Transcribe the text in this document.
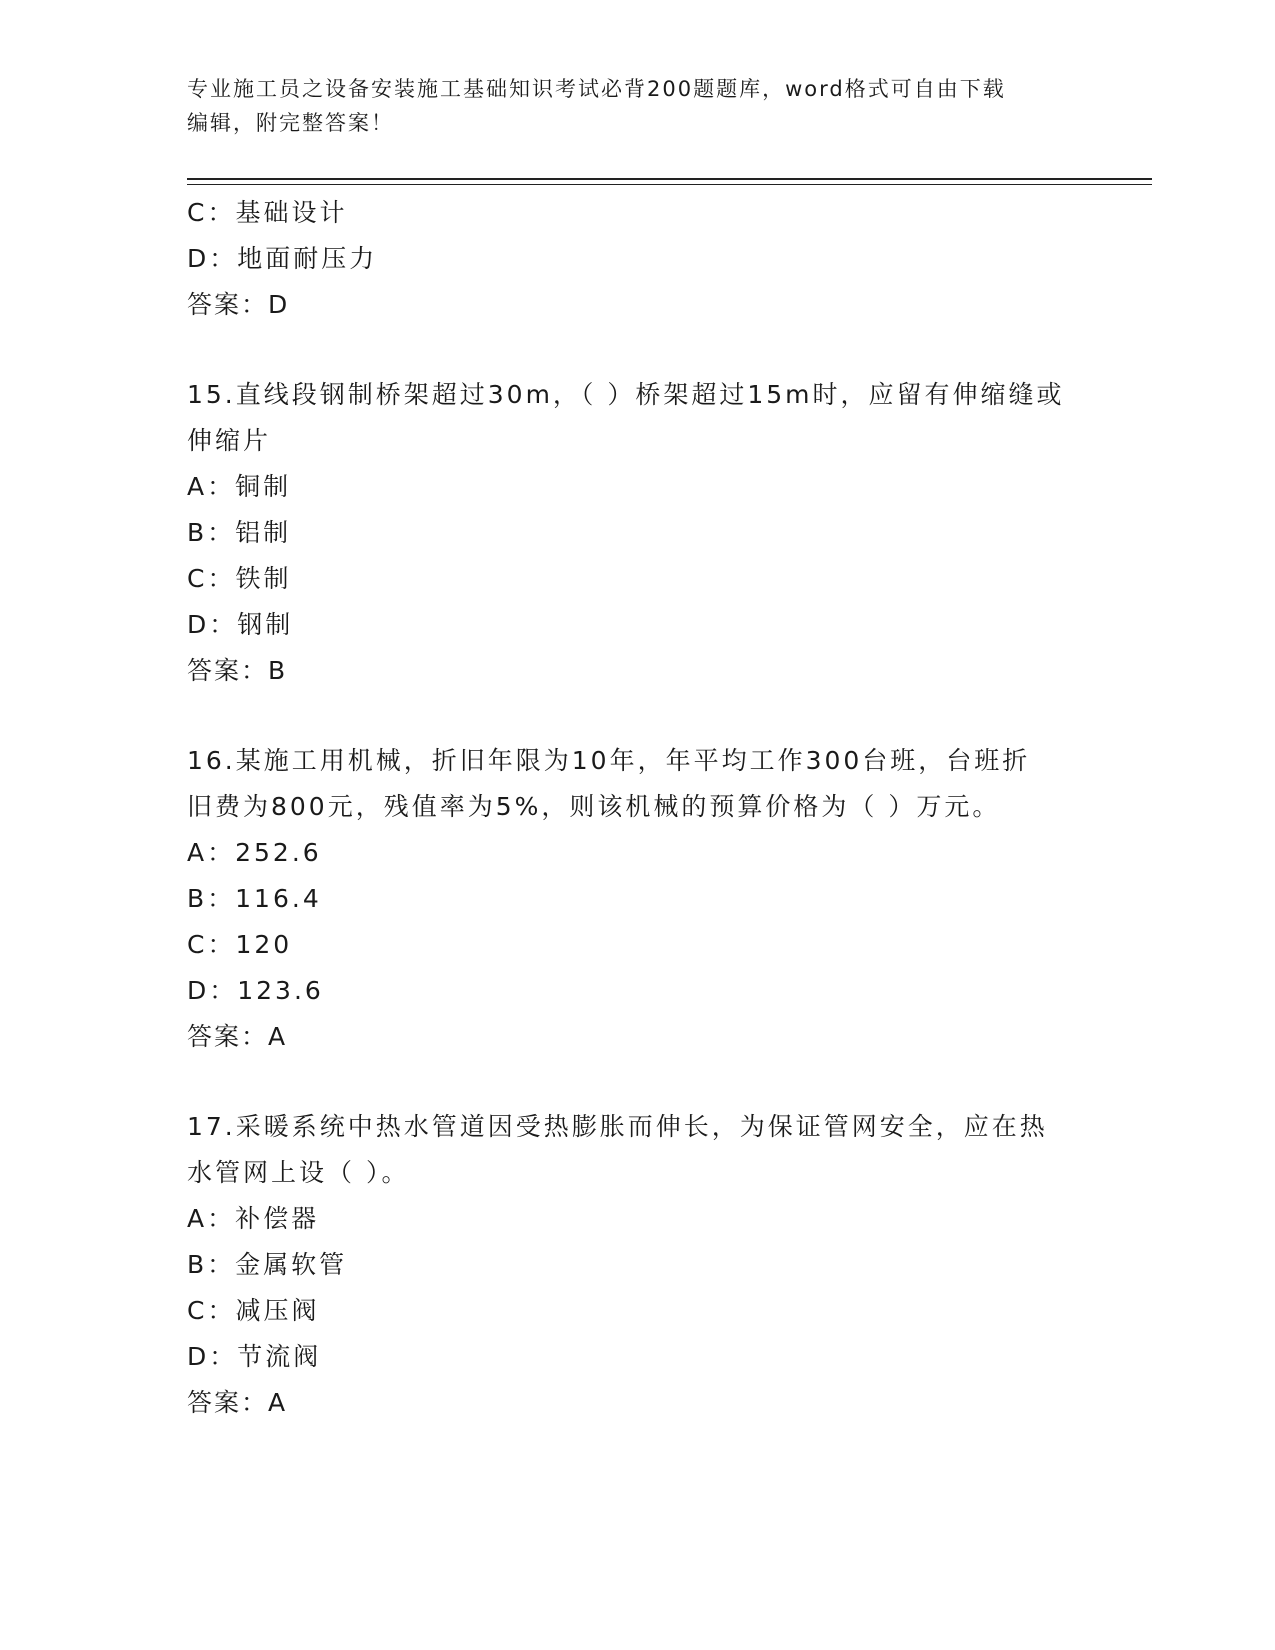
专业施工员之设备安装施工基础知识考试必背200题题库，word格式可自由下载
编辑，附完整答案！
C：基础设计
D：地面耐压力
答案：D
15.直线段钢制桥架超过30m，（ ）桥架超过15m时，应留有伸缩缝或
伸缩片
A：铜制
B：铝制
C：铁制
D：钢制
答案：B
16.某施工用机械，折旧年限为10年，年平均工作300台班，台班折
旧费为800元，残值率为5%，则该机械的预算价格为（ ）万元。
A：252.6
B：116.4
C：120
D：123.6
答案：A
17.采暖系统中热水管道因受热膨胀而伸长，为保证管网安全，应在热
水管网上设（ ）。
A：补偿器
B：金属软管
C：减压阀
D：节流阀
答案：A
